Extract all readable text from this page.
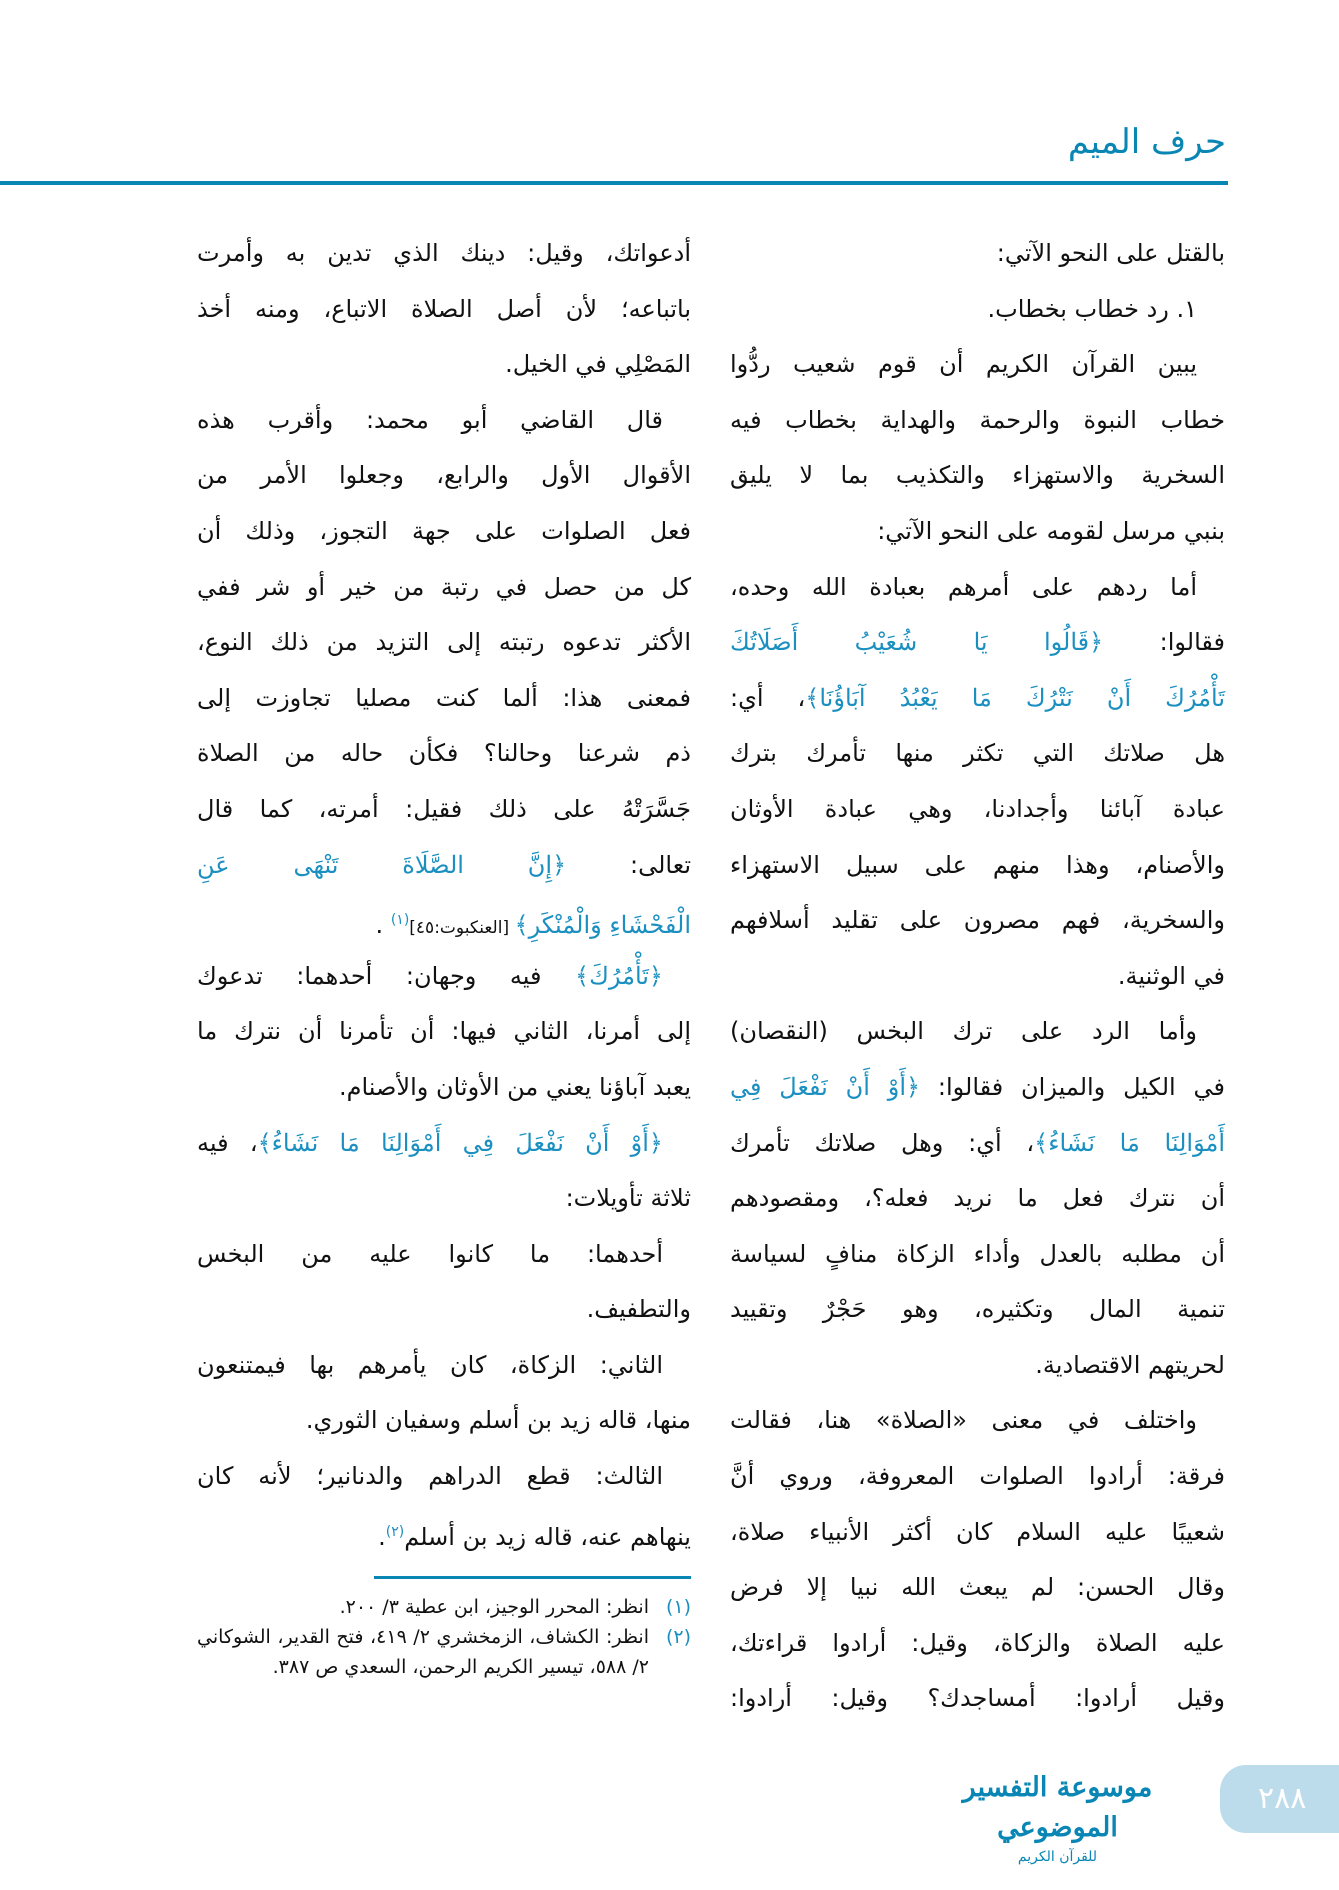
حرف الميم
بالقتل على النحو الآتي:
١. رد خطاب بخطاب.
يبين القرآن الكريم أن قوم شعيب ردُّوا
خطاب النبوة والرحمة والهداية بخطاب فيه
السخرية والاستهزاء والتكذيب بما لا يليق
بنبي مرسل لقومه على النحو الآتي:
أما ردهم على أمرهم بعبادة الله وحده،
فقالوا: ﴿قَالُوا يَا شُعَيْبُ أَصَلَاتُكَ
تَأْمُرُكَ أَنْ نَتْرُكَ مَا يَعْبُدُ آبَاؤُنَا﴾، أي:
هل صلاتك التي تكثر منها تأمرك بترك
عبادة آبائنا وأجدادنا، وهي عبادة الأوثان
والأصنام، وهذا منهم على سبيل الاستهزاء
والسخرية، فهم مصرون على تقليد أسلافهم
في الوثنية.
وأما الرد على ترك البخس (النقصان)
في الكيل والميزان فقالوا: ﴿أَوْ أَنْ نَفْعَلَ فِي
أَمْوَالِنَا مَا نَشَاءُ﴾، أي: وهل صلاتك تأمرك
أن نترك فعل ما نريد فعله؟، ومقصودهم
أن مطلبه بالعدل وأداء الزكاة منافٍ لسياسة
تنمية المال وتكثيره، وهو حَجْرٌ وتقييد
لحريتهم الاقتصادية.
واختلف في معنى «الصلاة» هنا، فقالت
فرقة: أرادوا الصلوات المعروفة، وروي أنَّ
شعيبًا عليه السلام كان أكثر الأنبياء صلاة،
وقال الحسن: لم يبعث الله نبيا إلا فرض
عليه الصلاة والزكاة، وقيل: أرادوا قراءتك،
وقيل أرادوا: أمساجدك؟ وقيل: أرادوا:
أدعواتك، وقيل: دينك الذي تدين به وأمرت
باتباعه؛ لأن أصل الصلاة الاتباع، ومنه أخذ
المَصْلِي في الخيل.
قال القاضي أبو محمد: وأقرب هذه
الأقوال الأول والرابع، وجعلوا الأمر من
فعل الصلوات على جهة التجوز، وذلك أن
كل من حصل في رتبة من خير أو شر ففي
الأكثر تدعوه رتبته إلى التزيد من ذلك النوع،
فمعنى هذا: ألما كنت مصليا تجاوزت إلى
ذم شرعنا وحالنا؟ فكأن حاله من الصلاة
جَسَّرَتْهُ على ذلك فقيل: أمرته، كما قال
تعالى: ﴿إِنَّ الصَّلَاةَ تَنْهَى عَنِ
الْفَحْشَاءِ وَالْمُنْكَرِ﴾ [العنكبوت:٤٥]$^{(١)}$ .
﴿تَأْمُرُكَ﴾ فيه وجهان: أحدهما: تدعوك
إلى أمرنا، الثاني فيها: أن تأمرنا أن نترك ما
يعبد آباؤنا يعني من الأوثان والأصنام.
﴿أَوْ أَنْ نَفْعَلَ فِي أَمْوَالِنَا مَا نَشَاءُ﴾، فيه
ثلاثة تأويلات:
أحدهما: ما كانوا عليه من البخس
والتطفيف.
الثاني: الزكاة، كان يأمرهم بها فيمتنعون
منها، قاله زيد بن أسلم وسفيان الثوري.
الثالث: قطع الدراهم والدنانير؛ لأنه كان
ينهاهم عنه، قاله زيد بن أسلم$^{(٢)}$.
(١)
انظر: المحرر الوجيز، ابن عطية ٣/ ٢٠٠.
(٢)
انظر: الكشاف، الزمخشري ٢/ ٤١٩، فتح القدير، الشوكاني ٢/ ٥٨٨، تيسير الكريم الرحمن، السعدي ص ٣٨٧.
موسوعة التفسير الموضوعي
للقرآن الكريم
٢٨٨
